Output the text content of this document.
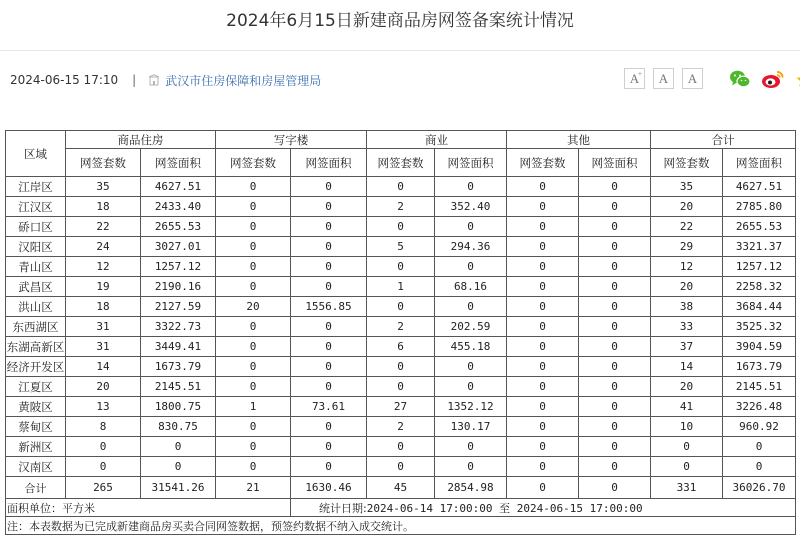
2024年6月15日新建商品房网签备案统计情况
2024-06-15 17:10 | 武汉市住房保障和房屋管理局	A
+ A A
区域	商品住房		写字楼		商业		其他		合计	
	网签套数	网签面积	网签套数	网签面积	网签套数	网签面积	网签套数	网签面积	网签套数	网签面积
江岸区	35	4627.51	0	0	0	0	0	0	35	4627.51
江汉区	18	2433.40	0	0	2	352.40	0	0	20	2785.80
硚口区	22	2655.53	0	0	0	0	0	0	22	2655.53
汉阳区	24	3027.01	0	0	5	294.36	0	0	29	3321.37
青山区	12	1257.12	0	0	0	0	0	0	12	1257.12
武昌区	19	2190.16	0	0	1	68.16	0	0	20	2258.32
洪山区	18	2127.59	20	1556.85	0	0	0	0	38	3684.44
东西湖区	31	3322.73	0	0	2	202.59	0	0	33	3525.32
东湖高新区	31	3449.41	0	0	6	455.18	0	0	37	3904.59
经济开发区	14	1673.79	0	0	0	0	0	0	14	1673.79
江夏区	20	2145.51	0	0	0	0	0	0	20	2145.51
黄陂区	13	1800.75	1	73.61	27	1352.12	0	0	41	3226.48
蔡甸区	8	830.75	0	0	2	130.17	0	0	10	960.92
新洲区	0	0	0	0	0	0	0	0	0	0
汉南区	0	0	0	0	0	0	0	0	0	0
合计	265	31541.26	21	1630.46	45	2854.98	0	0	331	36026.70
面积单位：平方米				统计日期:2024-06-14 17:00:00 至 2024-06-15 17:00:00						
注：本表数据为已完成新建商品房买卖合同网签数据，预签约数据不纳入成交统计。										
